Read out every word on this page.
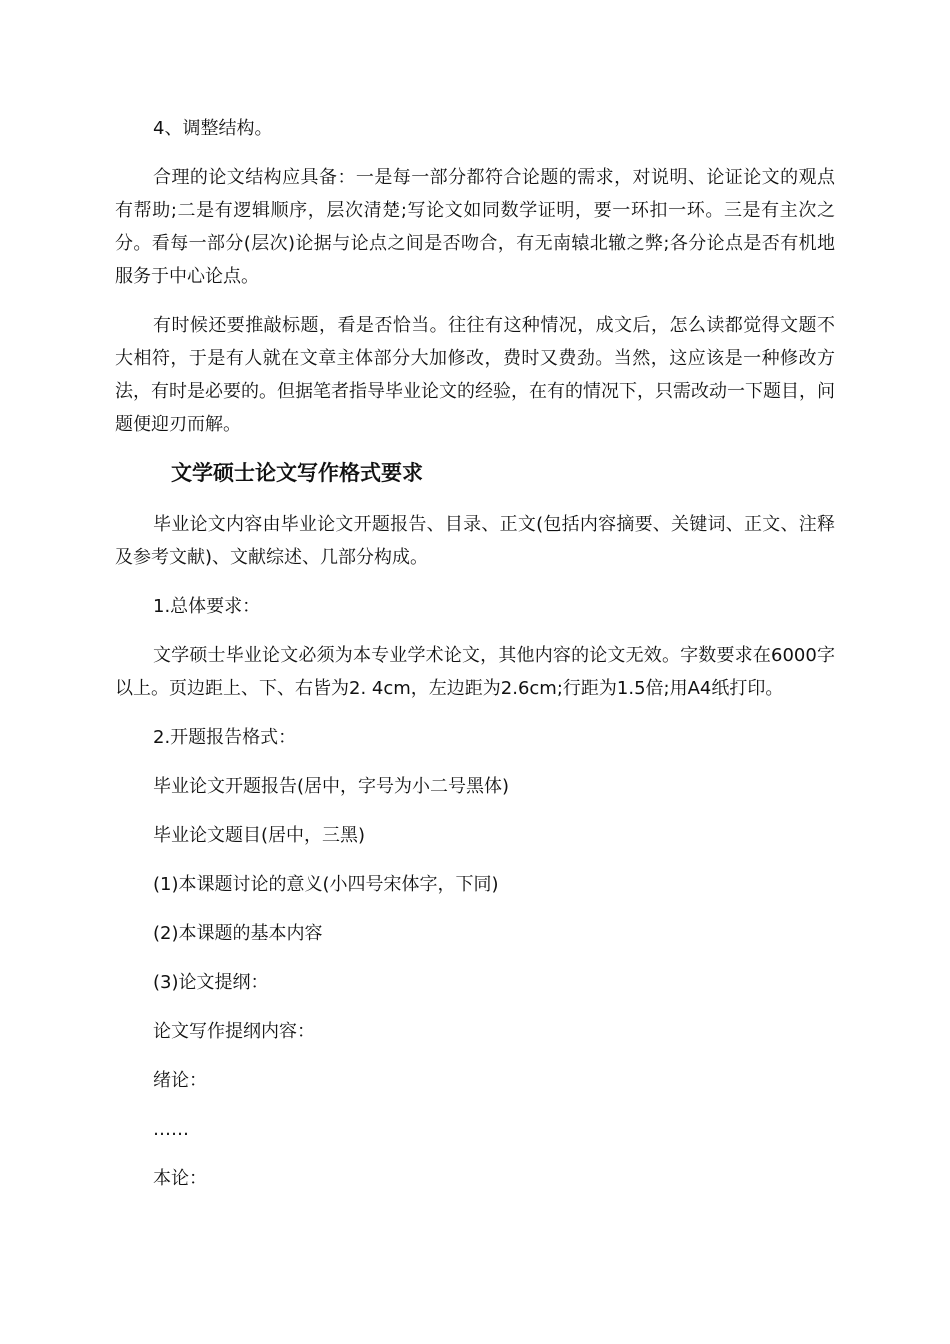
4、调整结构。

合理的论文结构应具备：一是每一部分都符合论题的需求，对说明、论证论文的观点有帮助;二是有逻辑顺序，层次清楚;写论文如同数学证明，要一环扣一环。三是有主次之分。看每一部分(层次)论据与论点之间是否吻合，有无南辕北辙之弊;各分论点是否有机地服务于中心论点。

有时候还要推敲标题，看是否恰当。往往有这种情况，成文后，怎么读都觉得文题不大相符，于是有人就在文章主体部分大加修改，费时又费劲。当然，这应该是一种修改方法，有时是必要的。但据笔者指导毕业论文的经验，在有的情况下，只需改动一下题目，问题便迎刃而解。

文学硕士论文写作格式要求

毕业论文内容由毕业论文开题报告、目录、正文(包括内容摘要、关键词、正文、注释及参考文献)、文献综述、几部分构成。

1.总体要求：

文学硕士毕业论文必须为本专业学术论文，其他内容的论文无效。字数要求在6000字以上。页边距上、下、右皆为2. 4cm，左边距为2.6cm;行距为1.5倍;用A4纸打印。

2.开题报告格式：

毕业论文开题报告(居中，字号为小二号黑体)

毕业论文题目(居中，三黑)

(1)本课题讨论的意义(小四号宋体字，下同)

(2)本课题的基本内容

(3)论文提纲：

论文写作提纲内容：

绪论：

……

本论：
